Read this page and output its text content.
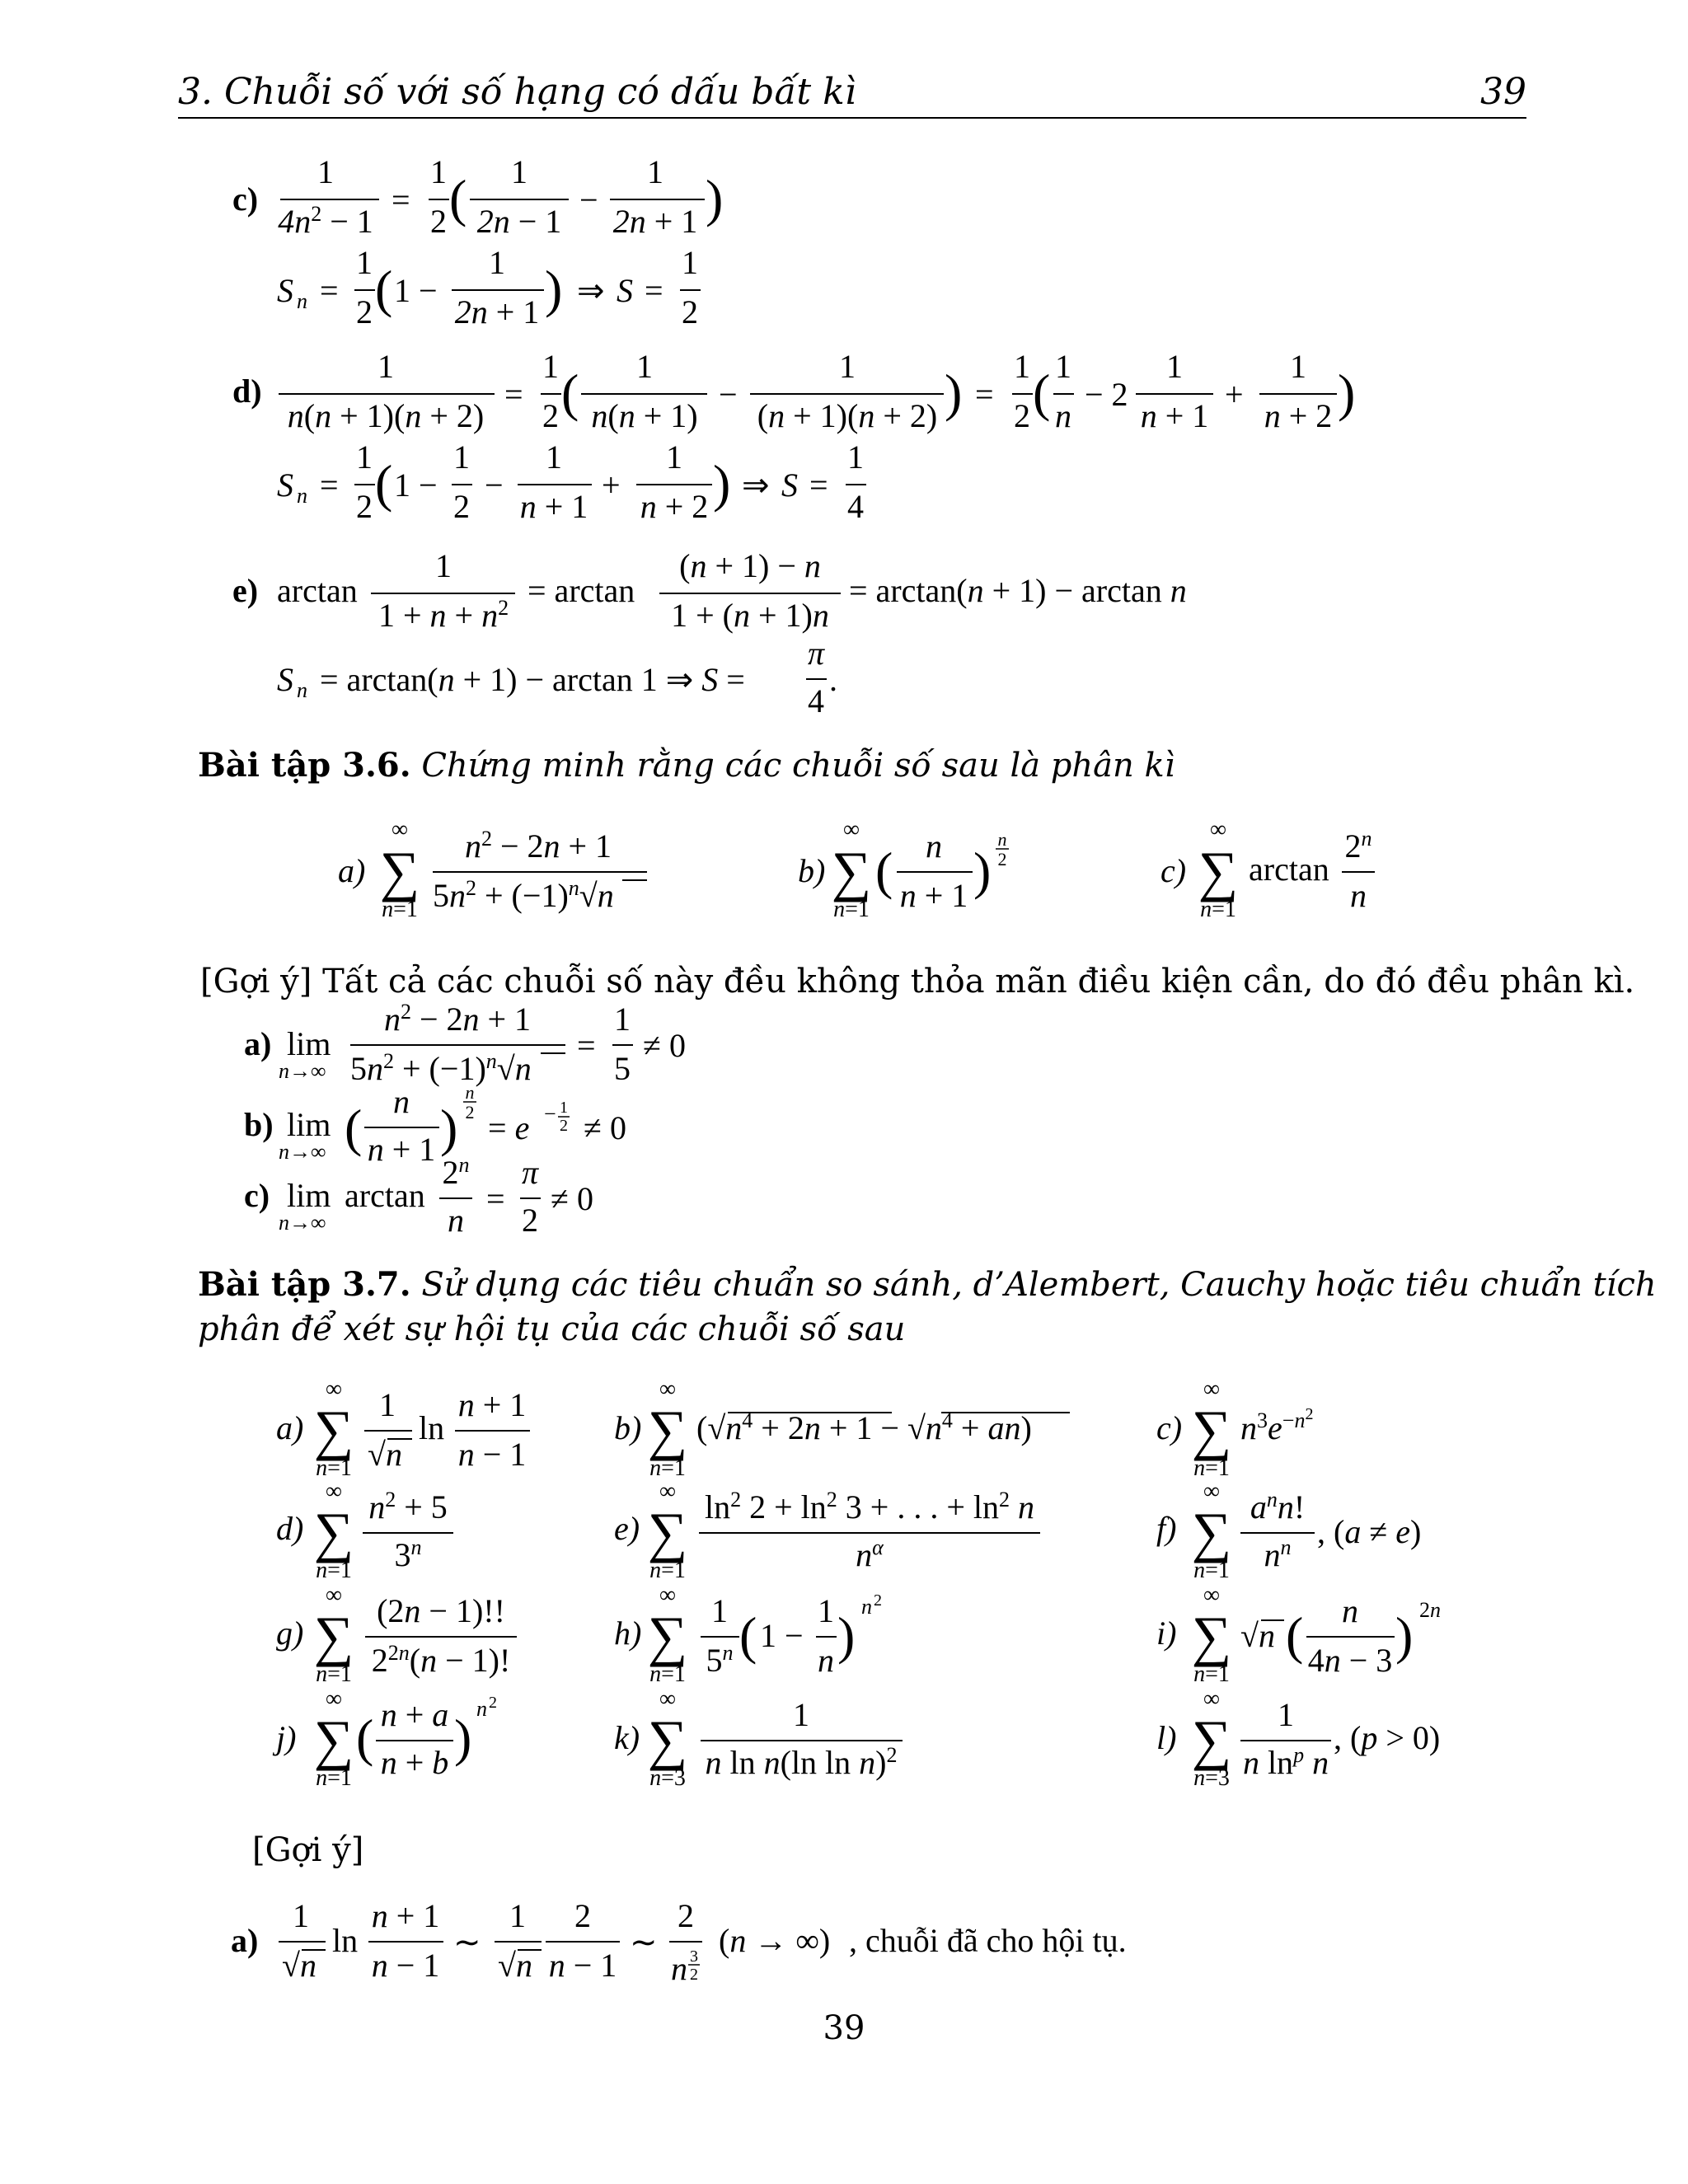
3. Chuỗi số với số hạng có dấu bất kì	39
c)
1
$4n^2 - 1$
=
1
2 ( 1
2n − 1
−
1
2n + 1 )
S n =
1
2 ( 1 −
1
2n + 1 ) ⇒ S =
1
2
d)
1
n(n + 1)(n + 2)
=
1
2 ( 1
n(n + 1)
−
1
(n + 1)(n + 2) ) =
1
2 ( 1
n
− 2
1
n + 1
+
1
n + 2 )
S n =
1
2 ( 1 −
1
2
−
1
n + 1
+
1
n + 2 ) ⇒ S =
1
4
e) arctan
1
$1 + n + n^2 = \arctan$
(n + 1) − n
1 + (n + 1)n
= arctan(n + 1) − arctan n
S n = arctan(n + 1) − arctan 1 ⇒ S =
π
4
.
a)
∞
∑
n=1
$n^2 - 2n + 1$
$5n^2 + (-1)^n√n$
b)
∞
∑
n=1
( n
n + 1 )
n
2	c)
∞
∑
n=1
arctan
2$^n$
n
a) lim
n→∞
$n^2 - 2n + 1$
$5n^2 + (-1)^n√n$
=
1
5
≠ 0
b) lim
n→∞ ( n
n + 1 )
n
2 = e − 1
2 ≠ 0
c) lim
n→∞
arctan
2$^n$
n
=
π
2
≠ 0
a)
∞
∑
n=1
1
√n
ln
n + 1
n − 1
b)
∞
∑
n=1
$(√n^4 + 2n + 1 - √n^4 + an)$	c)
∞
∑
n=1
$n^3e^-n^2$
d)
∞
∑
n=1
$n^2 + 5$
3$^n$
e)
∞
∑
n=1
$\ln^2 2 + \ln^2 3$ + . . . + $\ln^2 n$
$n^\alpha$
f)
∞
∑
n=1
$a^nn$!
$n^n$ , (a ≠ e)
g)
∞
∑
n=1
(2n − 1)!!
$2^2n(n - 1)$!
h)
∞
∑
n=1
1
5$^n$ ( 1 −
1
n ) n 2
i)
∞
∑
n=1
√n ( n
4n − 3 ) 2n
j)
∞
∑
n=1
( n + a
n + b ) n 2
k)
∞
∑
n=3
1
n ln n(ln ln n)$^2$	l)
∞
∑
n=3
1
n $\ln^p n$
, (p > 0)
a)
1
√n
ln
n + 1
n − 1
∼
1
√n
2
n − 1
∼
2
n 3
2
(n → ∞) , chuỗi đã cho hội tụ.
Bài tập 3.6. Chứng minh rằng các chuỗi số sau là phân kì
[Gợi ý] Tất cả các chuỗi số này đều không thỏa mãn điều kiện cần, do đó đều phân kì.
Bài tập 3.7. Sử dụng các tiêu chuẩn so sánh, d’Alembert, Cauchy hoặc tiêu chuẩn tích
phân để xét sự hội tụ của các chuỗi số sau
[Gợi ý]
39
